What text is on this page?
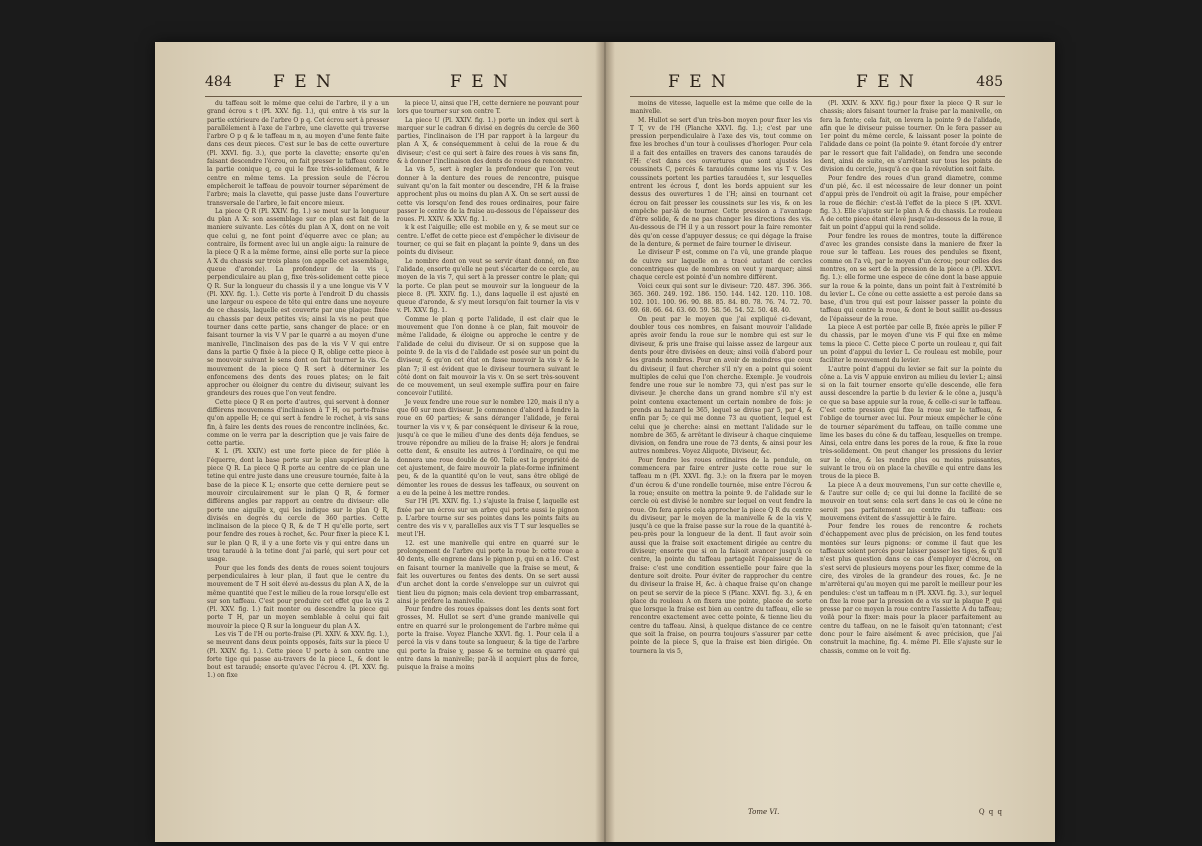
484 F E N	F E N

du taffeau soit le même que celui de l'arbre, il y a un grand écrou s t (Pl. XXV. fig. 1.), qui entre à vis sur la partie extérieure de l'arbre O p q. Cet écrou sert à presser parallélement à l'axe de l'arbre, une clavette qui traverse l'arbre O p q & le taffeau m n, au moyen d'une fente faite dans ces deux pieces. C'est sur le bas de cette ouverture (Pl. XXVI. fig. 3.), que porte la clavette; ensorte qu'en faisant descendre l'écrou, on fait presser le taffeau contre la partie conique q, ce qui le fixe très-solidement, & le centre en même tems. La pression seule de l'écrou empêcheroit le taffeau de pouvoir tourner séparément de l'arbre; mais la clavette, qui passe juste dans l'ouverture transversale de l'arbre, le fait encore mieux.

La piece Q R (Pl. XXIV. fig. 1.) se meut sur la longueur du plan A X: son assemblage sur ce plan est fait de la maniere suivante. Les côtés du plan A X, dont on ne voit que celui g, ne font point d'équerre avec ce plan; au contraire, ils forment avec lui un angle aigu: la rainure de la piece Q R a la même forme, ainsi elle porte sur la piece A X du chassis sur trois plans (on appelle cet assemblage, queue d'aronde). La profondeur de la vis i, perpendiculaire au plan g, fixe très-solidement cette piece Q R. Sur la longueur du chassis il y a une longue vis V V (Pl. XXV. fig. 1.). Cette vis porte à l'endroit D du chassis une largeur ou espece de tête qui entre dans une noyeure de ce chassis, laquelle est couverte par une plaque: fixée au chassis par deux petites vis; ainsi la vis ne peut que tourner dans cette partie, sans changer de place: or en faisant tourner la vis V V par le quarré a au moyen d'une manivelle, l'inclinaison des pas de la vis V V qui entre dans la partie Q fixée à la piece Q R, oblige cette piece à se mouvoir suivant le sens dont on fait tourner la vis. Ce mouvement de la piece Q R sert à déterminer les enfoncemens des dents des roues plates; on le fait approcher ou éloigner du centre du diviseur, suivant les grandeurs des roues que l'on veut fendre.

Cette piece Q R en porte d'autres, qui servent à donner différens mouvemens d'inclinaison à T H, ou porte-fraise qu'on appelle H; ce qui sert à fendre le rochet, à vis sans fin, à faire les dents des roues de rencontre inclinées, &c. comme on le verra par la description que je vais faire de cette partie.

K L (Pl. XXIV.) est une forte piece de fer pliée à l'équerre, dont la base porte sur le plan supérieur de la piece Q R. La piece Q R porte au centre de ce plan une tetine qui entre juste dans une creusure tournée, faite à la base de la piece K L; ensorte que cette derniere peut se mouvoir circulairement sur le plan Q R, & former différens angles par rapport au centre du diviseur: elle porte une aiguille x, qui les indique sur le plan Q R, divisés en degrés du cercle de 360 parties. Cette inclinaison de la piece Q R, & de T H qu'elle porte, sert pour fendre des roues à rochet, &c. Pour fixer la piece K L sur le plan Q R, il y a une forte vis y qui entre dans un trou taraudé à la tetine dont j'ai parlé, qui sert pour cet usage.

Pour que les fonds des dents de roues soient toujours perpendiculaires à leur plan, il faut que le centre du mouvement de T H soit élevé au-dessus du plan A X, de la même quantité que l'est le milieu de la roue lorsqu'elle est sur son taffeau. C'est pour produire cet effet que la vis 2 (Pl. XXV. fig. 1.) fait monter ou descendre la piece qui porte T H, par un moyen semblable à celui qui fait mouvoir la piece Q R sur la longueur du plan A X.

Les vis T de l'H ou porte-fraise (Pl. XXIV. & XXV. fig. 1.), se meuvent dans deux points opposés, faits sur la piece U (Pl. XXIV. fig. 1.). Cette piece U porte à son centre une forte tige qui passe au-travers de la piece L, & dont le bout est taraudé; ensorte qu'avec l'écrou 4. (Pl. XXV. fig. 1.) on fixe

la piece U, ainsi que l'H, cette derniere ne pouvant pour lors que tourner sur son centre T.

La piece U (Pl. XXIV. fig. 1.) porte un index qui sert à marquer sur le cadran 6 divisé en degrés du cercle de 360 parties, l'inclinaison de l'H par rapport à la largeur du plan A X, & conséquemment à celui de la roue & du diviseur; c'est ce qui sert à faire des roues à vis sans fin, & à donner l'inclinaison des dents de roues de rencontre.

La vis 5, sert à regler la profondeur que l'on veut donner à la denture des roues de rencontre, puisque suivant qu'on la fait monter ou descendre, l'H & la fraise approchent plus ou moins du plan A X. On se sert aussi de cette vis lorsqu'on fend des roues ordinaires, pour faire passer le centre de la fraise au-dessous de l'épaisseur des roues. Pl. XXIV. & XXV. fig. 1.

k k est l'aiguille; elle est mobile en y, & se meut sur ce centre. L'effet de cette piece est d'empêcher le diviseur de tourner, ce qui se fait en plaçant la pointe 9, dans un des points du diviseur.

Le nombre dont on veut se servir étant donné, on fixe l'alidade, ensorte qu'elle ne peut s'écarter de ce cercle, au moyen de la vis 7, qui sert à la presser contre le plan; qui la porte. Ce plan peut se mouvoir sur la longueur de la piece 8. (Pl. XXIV. fig. 1.), dans laquelle il est ajusté en queue d'aronde, & s'y meut lorsqu'on fait tourner la vis v v. Pl. XXV. fig. 1.

Comme le plan q porte l'alidade, il est clair que le mouvement que l'on donne à ce plan, fait mouvoir de même l'alidade, & éloigne ou approche le centre y de l'alidade de celui du diviseur. Or si on suppose que la pointe 9. de la vis d de l'alidade est posée sur un point du diviseur, & qu'on cet état on fasse mouvoir la vis v & le plan 7; il est évident que le diviseur tournera suivant le côté dont on fait mouvoir la vis v. On se sert très-souvent de ce mouvement, un seul exemple suffira pour en faire concevoir l'utilité.

Je veux fendre une roue sur le nombre 120, mais il n'y a que 60 sur mon diviseur. Je commence d'abord à fendre la roue en 60 parties; & sans déranger l'alidade, je ferai tourner la vis v v, & par conséquent le diviseur & la roue, jusqu'à ce que le milieu d'une des dents déja fendues, se trouve répondre au milieu de la fraise H; alors je fendrai cette dent, & ensuite les autres à l'ordinaire, ce qui me donnera une roue double de 60. Telle est la propriété de cet ajustement, de faire mouvoir la plate-forme infiniment peu, & de la quantité qu'on le veut, sans être obligé de démonter les roues de dessus les taffeaux, ou souvent on a eu de la peine à les mettre rondes.

Sur l'H (Pl. XXIV. fig. 1.) s'ajuste la fraise f, laquelle est fixée par un écrou sur un arbre qui porte aussi le pignon p. L'arbre tourne sur ses pointes dans les points faits au centre des vis v v, parallelles aux vis T T sur lesquelles se meut l'H.

12. est une manivelle qui entre en quarré sur le prolongement de l'arbre qui porte la roue b: cette roue a 40 dents, elle engrene dans le pignon p, qui en a 16. C'est en faisant tourner la manivelle que la fraise se meut, & fait les ouvertures ou fentes des dents. On se sert aussi d'un archet dont la corde s'enveloppe sur un cuivrot qui tient lieu du pignon; mais cela devient trop embarrassant, ainsi je préfere la manivelle.

Pour fendre des roues épaisses dont les dents sont fort grosses, M. Hullot se sert d'une grande manivelle qui entre en quarré sur le prolongement de l'arbre même qui porte la fraise. Voyez Planche XXVI. fig. 1. Pour cela il a percé la vis v dans toute sa longueur, & la tige de l'arbre qui porte la fraise y, passe & se termine en quarré qui entre dans la manivelle; par-là il acquiert plus de force, puisque la fraise a moins

F E N	F E N	485

moins de vitesse, laquelle est la même que celle de la manivelle.

M. Hullot se sert d'un très-bon moyen pour fixer les vis T T, vv de l'H (Planche XXVI. fig. 1.); c'est par une pression perpendiculaire à l'axe des vis, tout comme on fixe les broches d'un tour à coulisses d'horloger. Pour cela il a fait des entailles en travers des canons taraudés de l'H: c'est dans ces ouvertures que sont ajustés les coussinets C, percés & taraudés comme les vis T v. Ces coussinets portent les parties taraudées t, sur lesquelles entrent les écrous f, dont les bords appuient sur les dessus des ouvertures 1 de l'H; ainsi en tournant cet écrou on fait presser les coussinets sur les vis, & on les empêche par-là de tourner. Cette pression a l'avantage d'être solide, & de ne pas changer les directions des vis. Au-dessous de l'H il y a un ressort pour la faire remonter dès qu'on cesse d'appuyer dessus; ce qui dégage la fraise de la denture, & permet de faire tourner le diviseur.

Le diviseur P est, comme on l'a vû, une grande plaque de cuivre sur laquelle on a tracé autant de cercles concentriques que de nombres on veut y marquer; ainsi chaque cercle est pointé d'un nombre différent.

Voici ceux qui sont sur le diviseur: 720. 487. 396. 366. 365. 360. 249. 192. 186. 150. 144. 142. 120. 110. 108. 102. 101. 100. 96. 90. 88. 85. 84. 80. 78. 76. 74. 72. 70. 69. 68. 66. 64. 63. 60. 59. 58. 56. 54. 52. 50. 48. 40.

On peut par le moyen que j'ai expliqué ci-devant, doubler tous ces nombres, en faisant mouvoir l'alidade après avoir fendu la roue sur le nombre qui est sur le diviseur, & pris une fraise qui laisse assez de largeur aux dents pour être divisées en deux; ainsi voilà d'abord pour les grands nombres. Pour en avoir de moindres que ceux du diviseur, il faut chercher s'il n'y en a point qui soient multiples de celui que l'on cherche. Exemple. Je voudrois fendre une roue sur le nombre 73, qui n'est pas sur le diviseur. Je cherche dans un grand nombre s'il n'y est point contenu exactement un certain nombre de fois: je prends au hazard le 365, lequel se divise par 5, par 4, & enfin par 5; ce qui me donne 73 au quotient, lequel est celui que je cherche: ainsi en mettant l'alidade sur le nombre de 365, & arrêtant le diviseur à chaque cinquieme division, on fendra une roue de 73 dents, & ainsi pour les autres nombres. Voyez Aliquote, Diviseur, &c.

Pour fendre les roues ordinaires de la pendule, on commencera par faire entrer juste cette roue sur le taffeau m n (Pl. XXVI. fig. 3.): on la fixera par le moyen d'un écrou & d'une rondelle tournée, mise entre l'écrou & la roue; ensuite on mettra la pointe 9. de l'alidade sur le cercle où est divisé le nombre sur lequel on veut fendre la roue. On fera après cela approcher la piece Q R du centre du diviseur, par le moyen de la manivelle & de la vis V, jusqu'à ce que la fraise passe sur la roue de la quantité à-peu-près pour la longueur de la dent. Il faut avoir soin aussi que la fraise soit exactement dirigée au centre du diviseur; ensorte que si on la faisoit avancer jusqu'à ce centre, la pointe du taffeau partageât l'épaisseur de la fraise: c'est une condition essentielle pour faire que la denture soit droite. Pour éviter de rapprocher du centre du diviseur la fraise H, &c. à chaque fraise qu'on change on peut se servir de la piece S (Planc. XXVI. fig. 3.), & en place du rouleau A on fixera une pointe, placée de sorte que lorsque la fraise est bien au centre du taffeau, elle se rencontre exactement avec cette pointe, & tienne lieu du centre du taffeau. Ainsi, à quelque distance de ce centre que soit la fraise, on pourra toujours s'assurer par cette pointe de la piece S, que la fraise est bien dirigée. On tournera la vis 5,

(Pl. XXIV. & XXV. fig.) pour fixer la piece Q R sur le chassis; alors faisant tourner la fraise par la manivelle, on fera la fente; cela fait, on levera la pointe 9 de l'alidade, afin que le diviseur puisse tourner. On le fera passer au 1er point du même cercle, & laissant poser la pointe de l'alidade dans ce point (la pointe 9. étant forcée d'y entrer par le ressort que fait l'alidade), on fendra une seconde dent, ainsi de suite, en s'arrêtant sur tous les points de division du cercle, jusqu'à ce que la révolution soit faite.

Pour fendre des roues d'un grand diametre, comme d'un pié, &c. il est nécessaire de leur donner un point d'appui près de l'endroit où agit la fraise, pour empêcher la roue de fléchir: c'est-là l'effet de la piece S (Pl. XXVI. fig. 3.). Elle s'ajuste sur le plan A & du chassis. Le rouleau A de cette piece étant élevé jusqu'au-dessous de la roue, il fait un point d'appui qui la rend solide.

Pour fendre les roues de montres, toute la différence d'avec les grandes consiste dans la maniere de fixer la roue sur le taffeau. Les roues des pendules se fixent, comme on l'a vû, par le moyen d'un écrou; pour celles des montres, on se sert de la pression de la piece a (Pl. XXVI. fig. 1.): elle forme une espece de cône dont la base appuie sur la roue & la pointe, dans un point fait à l'extrémité b du levier L. Ce cône ou cette assiette a est percée dans sa base, d'un trou qui est pour laisser passer la pointe du taffeau qui centre la roue, & dont le bout saillit au-dessus de l'épaisseur de la roue.

La piece A est portée par celle B, fixée après le pilier F du chassis, par le moyen d'une vis F qui fixe en même tems la piece C. Cette piece C porte un rouleau r, qui fait un point d'appui du levier L. Ce rouleau est mobile, pour faciliter le mouvement du levier.

L'autre point d'appui du levier se fait sur la pointe du cône a. La vis V appuie environ au milieu du levier L; ainsi si on la fait tourner ensorte qu'elle descende, elle fera aussi descendre la partie b du levier & le cône a, jusqu'à ce que sa base appuie sur la roue, & celle-ci sur le taffeau. C'est cette pression qui fixe la roue sur le taffeau, & l'oblige de tourner avec lui. Pour mieux empêcher le cône de tourner séparément du taffeau, on taille comme une lime les bases du cône & du taffeau, lesquelles on trempe. Ainsi, cela entre dans les pores de la roue, & fixe la roue très-solidement. On peut changer les pressions du levier sur le cône, & les rendre plus ou moins puissantes, suivant le trou où on place la cheville e qui entre dans les trous de la piece B.

La piece A a deux mouvemens, l'un sur cette cheville e, & l'autre sur celle d; ce qui lui donne la facilité de se mouvoir en tout sens: cela sert dans le cas où le cône ne seroit pas parfaitement au centre du taffeau: ces mouvemens évitent de s'assujettir à le faire.

Pour fendre les roues de rencontre & rochets d'échappement avec plus de précision, on les fend toutes montées sur leurs pignons: or comme il faut que les taffeaux soient percés pour laisser passer les tiges, & qu'il n'est plus question dans ce cas d'employer d'écrou, on s'est servi de plusieurs moyens pour les fixer, comme de la cire, des viroles de la grandeur des roues, &c. Je ne m'arrêterai qu'au moyen qui me paroît le meilleur pour les pendules: c'est un taffeau m n (Pl. XXVI. fig. 3.), sur lequel on fixe la roue par la pression de a vis sur la plaque P, qui presse par ce moyen la roue contre l'assiette A du taffeau; voilà pour la fixer: mais pour la placer parfaitement au centre du taffeau, on ne le faisoit qu'en tatonnant; c'est donc pour le faire aisément & avec précision, que j'ai construit la machine, fig. 4. même Pl. Elle s'ajuste sur le chassis, comme on le voit fig.

Tome VI.	Q q q
